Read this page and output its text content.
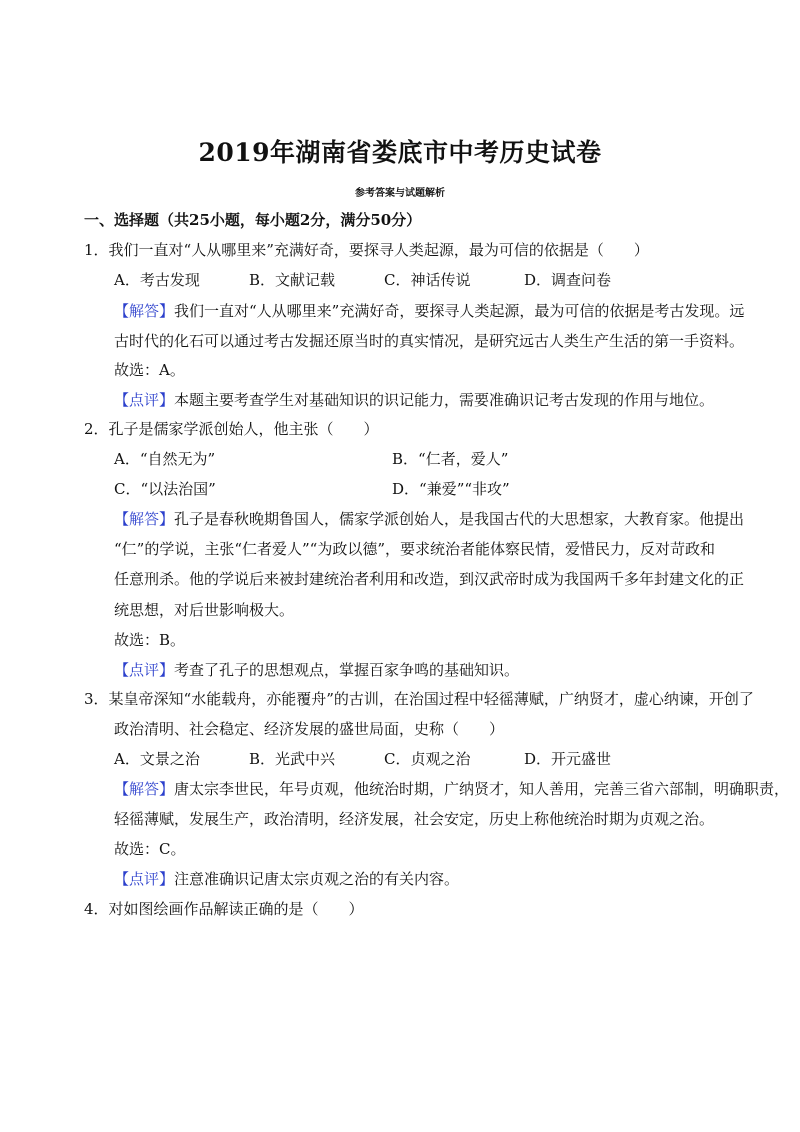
2019年湖南省娄底市中考历史试卷
参考答案与试题解析
一、选择题（共25小题，每小题2分，满分50分）
1．我们一直对“人从哪里来”充满好奇，要探寻人类起源，最为可信的依据是（　　）
A．考古发现	B．文献记载	C．神话传说	D．调查问卷
【解答】我们一直对“人从哪里来”充满好奇，要探寻人类起源，最为可信的依据是考古发现。远
古时代的化石可以通过考古发掘还原当时的真实情况，是研究远古人类生产生活的第一手资料。
故选：A。
【点评】本题主要考查学生对基础知识的识记能力，需要准确识记考古发现的作用与地位。
2．孔子是儒家学派创始人，他主张（　　）
A．“自然无为”	B．“仁者，爱人”
C．“以法治国”	D．“兼爱”“非攻”
【解答】孔子是春秋晚期鲁国人，儒家学派创始人，是我国古代的大思想家，大教育家。他提出
“仁”的学说，主张“仁者爱人”“为政以德”，要求统治者能体察民情，爱惜民力，反对苛政和
任意刑杀。他的学说后来被封建统治者利用和改造，到汉武帝时成为我国两千多年封建文化的正
统思想，对后世影响极大。
故选：B。
【点评】考查了孔子的思想观点，掌握百家争鸣的基础知识。
3．某皇帝深知“水能载舟，亦能覆舟”的古训，在治国过程中轻徭薄赋，广纳贤才，虚心纳谏，开创了
政治清明、社会稳定、经济发展的盛世局面，史称（　　）
A．文景之治	B．光武中兴	C．贞观之治	D．开元盛世
【解答】唐太宗李世民，年号贞观，他统治时期，广纳贤才，知人善用，完善三省六部制，明确职责，
轻徭薄赋，发展生产，政治清明，经济发展，社会安定，历史上称他统治时期为贞观之治。
故选：C。
【点评】注意准确识记唐太宗贞观之治的有关内容。
4．对如图绘画作品解读正确的是（　　）
